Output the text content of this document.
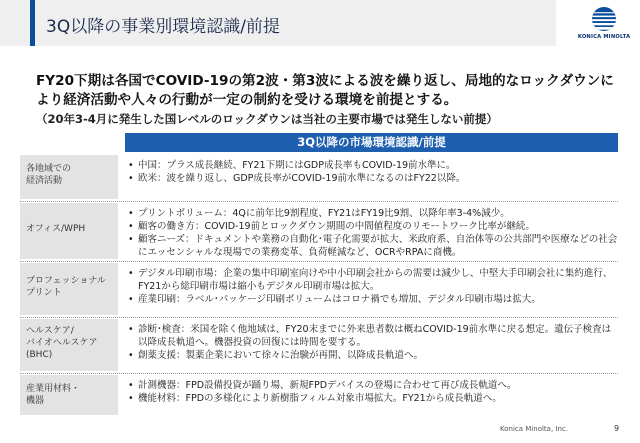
3Q以降の事業別環境認識/前提	KONICA MINOLTA
FY20下期は各国でCOVID-19の第2波・第3波による波を繰り返し、局地的なロックダウンにより経済活動や人々の行動が一定の制約を受ける環境を前提とする。
（20年3-4月に発生した国レベルのロックダウンは当社の主要市場では発生しない前提）
3Q以降の市場環境認識/前提
各地域での
経済活動
• 中国：プラス成長継続、FY21下期にはGDP成長率もCOVID-19前水準に。
• 欧米：波を繰り返し、GDP成長率がCOVID-19前水準になるのはFY22以降。
オフィス/WPH
• プリントボリューム：4Qに前年比9割程度、FY21はFY19比9割、以降年率3-4%減少。
• 顧客の働き方：COVID-19前とロックダウン期間の中間値程度のリモートワーク比率が継続。
• 顧客ニーズ：ドキュメントや業務の自動化･電子化需要が拡大、米政府系、自治体等の公共部門や医療などの社会にエッセンシャルな現場での業務変革、負荷軽減など、OCRやRPAに商機。
プロフェッショナル
プリント
• デジタル印刷市場：企業の集中印刷室向けや中小印刷会社からの需要は減少し、中堅大手印刷会社に集約進行、FY21から総印刷市場は縮小もデジタル印刷市場は拡大。
• 産業印刷：ラベル･パッケージ印刷ボリュームはコロナ禍でも増加、デジタル印刷市場は拡大。
ヘルスケア/
バイオヘルスケア
(BHC)
• 診断･検査：米国を除く他地域は、FY20末までに外来患者数は概ねCOVID-19前水準に戻る想定。遺伝子検査は以降成長軌道へ。機器投資の回復には時間を要する。
• 創薬支援：製薬企業において徐々に治験が再開、以降成長軌道へ。
産業用材料・
機器
• 計測機器：FPD設備投資が踊り場、新規FPDデバイスの登場に合わせて再び成長軌道へ。
• 機能材料：FPDの多様化により新樹脂フィルム対象市場拡大。FY21から成長軌道へ。
Konica Minolta, Inc.	9
